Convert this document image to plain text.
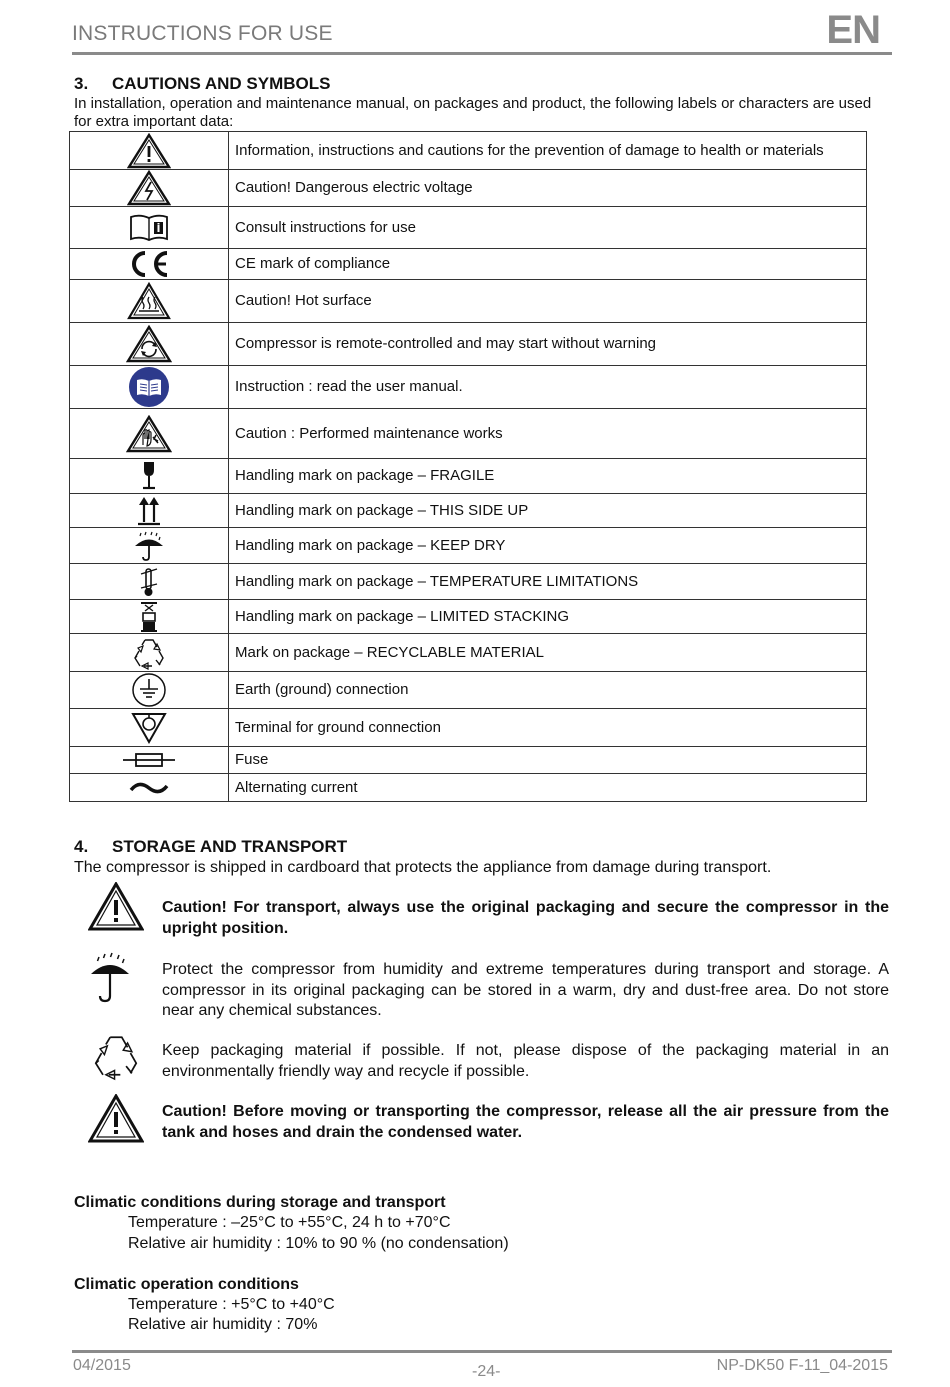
INSTRUCTIONS FOR USE	EN
3. CAUTIONS AND SYMBOLS
In installation, operation and maintenance manual, on packages and product, the following labels or characters are used for extra important data:
	Information, instructions and cautions for the prevention of damage to health or materials

	Caution! Dangerous electric voltage

	Consult instructions for use

	CE mark of compliance

	Caution! Hot surface

	Compressor is remote-controlled and may start without warning

	Instruction : read the user manual.

	Caution : Performed maintenance works

	Handling mark on package – FRAGILE

	Handling mark on package – THIS SIDE UP

	Handling mark on package – KEEP DRY

	Handling mark on package – TEMPERATURE LIMITATIONS

	Handling mark on package – LIMITED STACKING

	Mark on package – RECYCLABLE MATERIAL

	Earth (ground) connection

	Terminal for ground connection

	Fuse

	Alternating current
4. STORAGE AND TRANSPORT
The compressor is shipped in cardboard that protects the appliance from damage during transport.
Caution! For transport, always use the original packaging and secure the compressor in the upright position.
Protect the compressor from humidity and extreme temperatures during transport and storage. A compressor in its original packaging can be stored in a warm, dry and dust-free area. Do not store near any chemical substances.
Keep packaging material if possible. If not, please dispose of the packaging material in an environmentally friendly way and recycle if possible.
Caution! Before moving or transporting the compressor, release all the air pressure from the tank and hoses and drain the condensed water.
Climatic conditions during storage and transport
Temperature : –25°C to +55°C, 24 h to +70°C
Relative air humidity : 10% to 90 % (no condensation)
Climatic operation conditions
Temperature : +5°C to +40°C
Relative air humidity : 70%
04/2015	-24-	NP-DK50 F-11_04-2015
